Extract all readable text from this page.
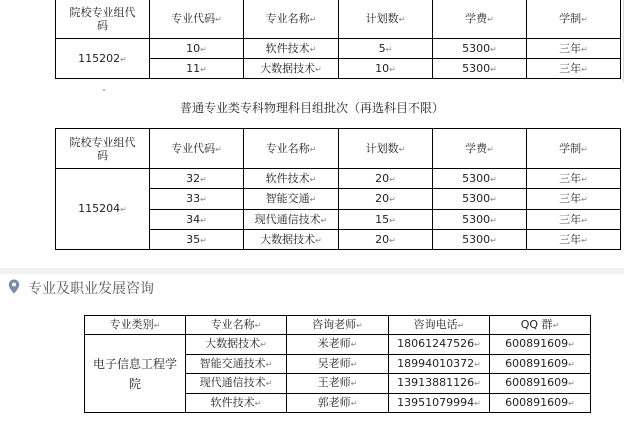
院校专业组代码	专业代码↵	专业名称↵	计划数↵	学费↵	学制↵
115202↵	10↵	软件技术↵	5↵	5300↵	三年↵
	11↵	大数据技术↵	10↵	5300↵	三年↵
普通专业类专科物理科目组批次（再选科目不限）
院校专业组代码	专业代码↵	专业名称↵	计划数↵	学费↵	学制↵
115204↵	32↵	软件技术↵	20↵	5300↵	三年↵
	33↵	智能交通↵	20↵	5300↵	三年↵
	34↵	现代通信技术↵	15↵	5300↵	三年↵
	35↵	大数据技术↵	20↵	5300↵	三年↵
专业及职业发展咨询
专业类别↵	专业名称↵	咨询老师↵	咨询电话↵	QQ 群↵
电子信息工程学院	大数据技术↵	米老师↵	18061247526↵	600891609↵
	智能交通技术↵	吴老师↵	18994010372↵	600891609↵
	现代通信技术↵	王老师↵	13913881126↵	600891609↵
	软件技术↵	郭老师↵	13951079994↵	600891609↵
